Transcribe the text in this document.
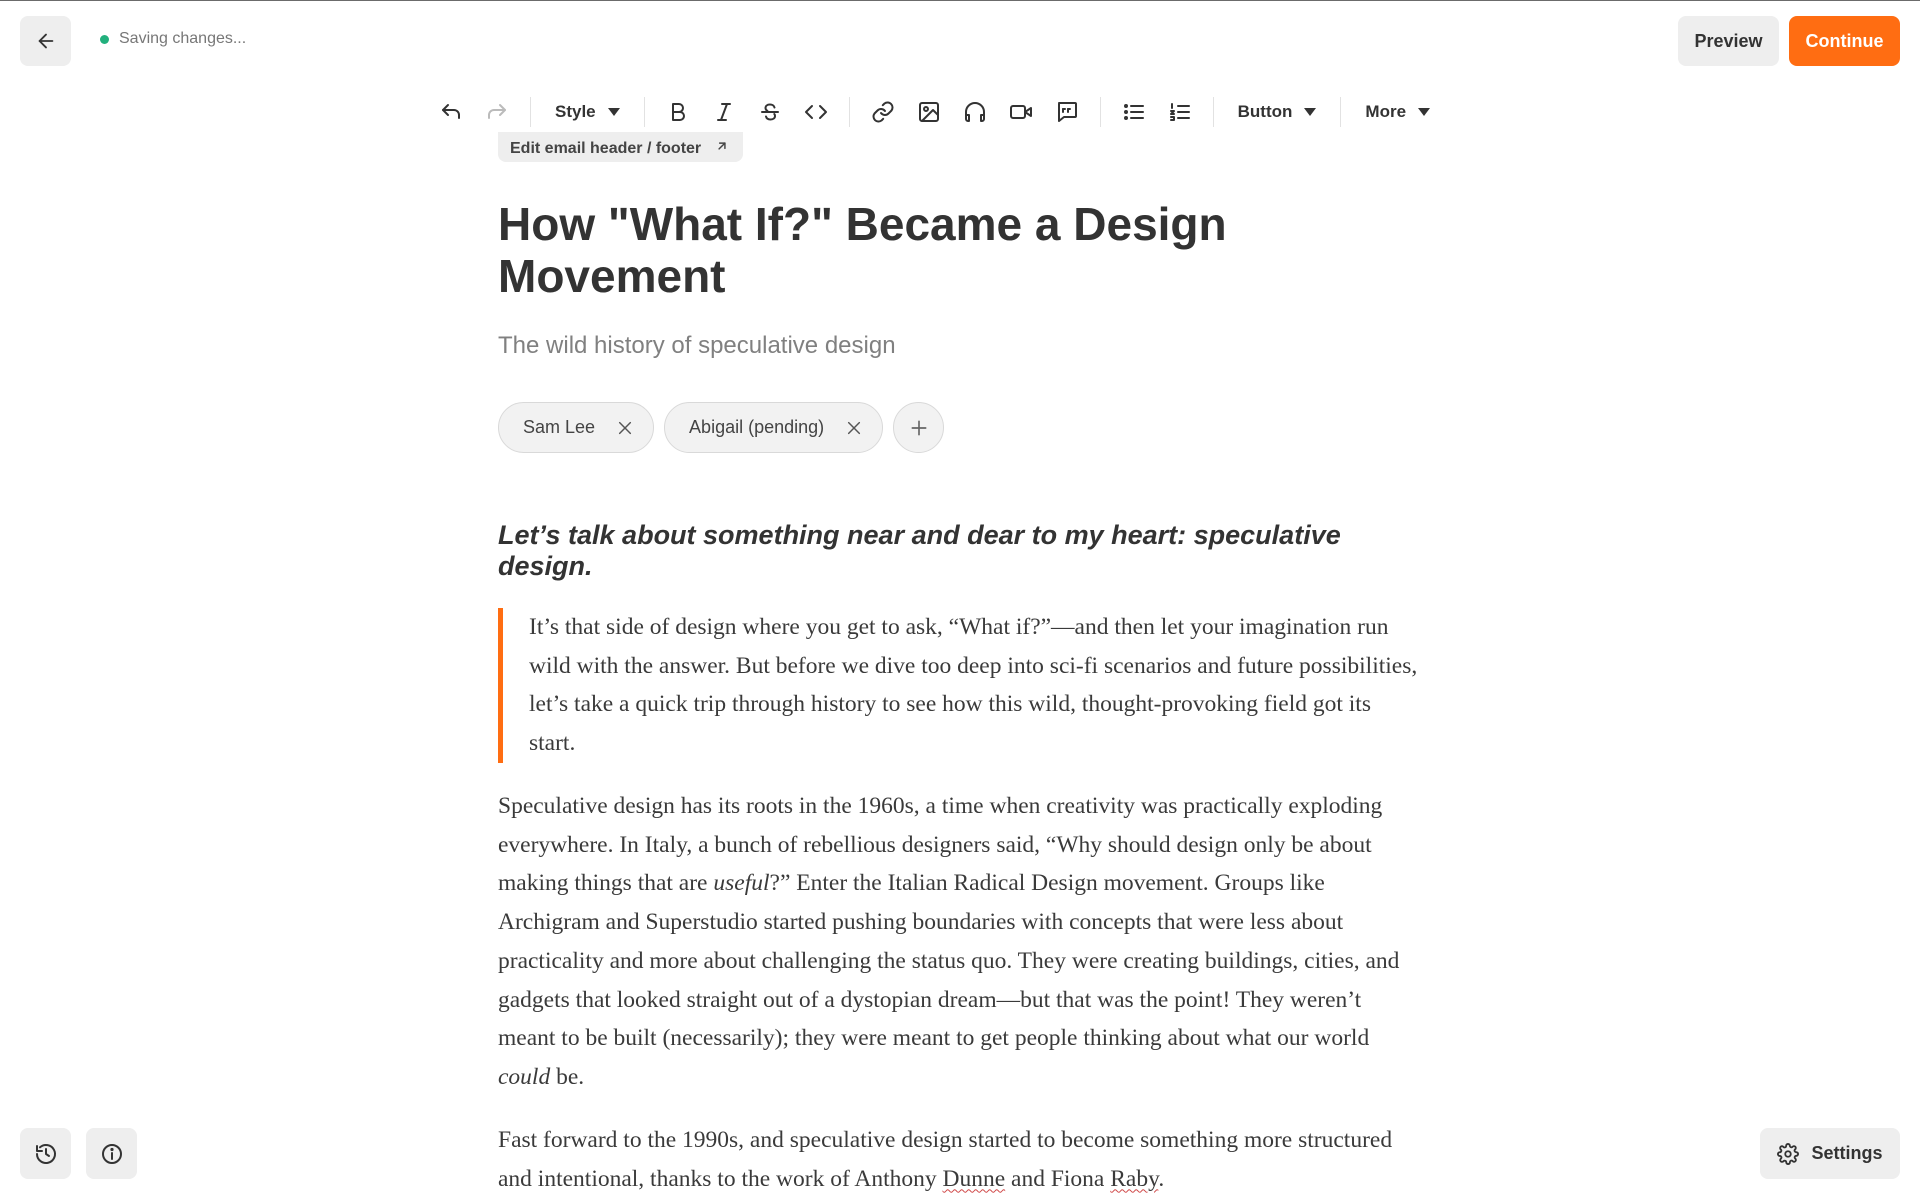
Saving changes...	Preview	Continue
Style	Button	More
Edit email header / footer
How "What If?" Became a Design Movement
The wild history of speculative design
Sam Lee	Abigail (pending)
Let’s talk about something near and dear to my heart: speculative design.
It’s that side of design where you get to ask, “What if?”—and then let your imagination run wild with the answer. But before we dive too deep into sci-fi scenarios and future possibilities, let’s take a quick trip through history to see how this wild, thought-provoking field got its start.

Speculative design has its roots in the 1960s, a time when creativity was practically exploding everywhere. In Italy, a bunch of rebellious designers said, “Why should design only be about making things that are useful?” Enter the Italian Radical Design movement. Groups like Archigram and Superstudio started pushing boundaries with concepts that were less about practicality and more about challenging the status quo. They were creating buildings, cities, and gadgets that looked straight out of a dystopian dream—but that was the point! They weren’t meant to be built (necessarily); they were meant to get people thinking about what our world could be.

Fast forward to the 1990s, and speculative design started to become something more structured and intentional, thanks to the work of Anthony Dunne and Fiona Raby.

Settings
